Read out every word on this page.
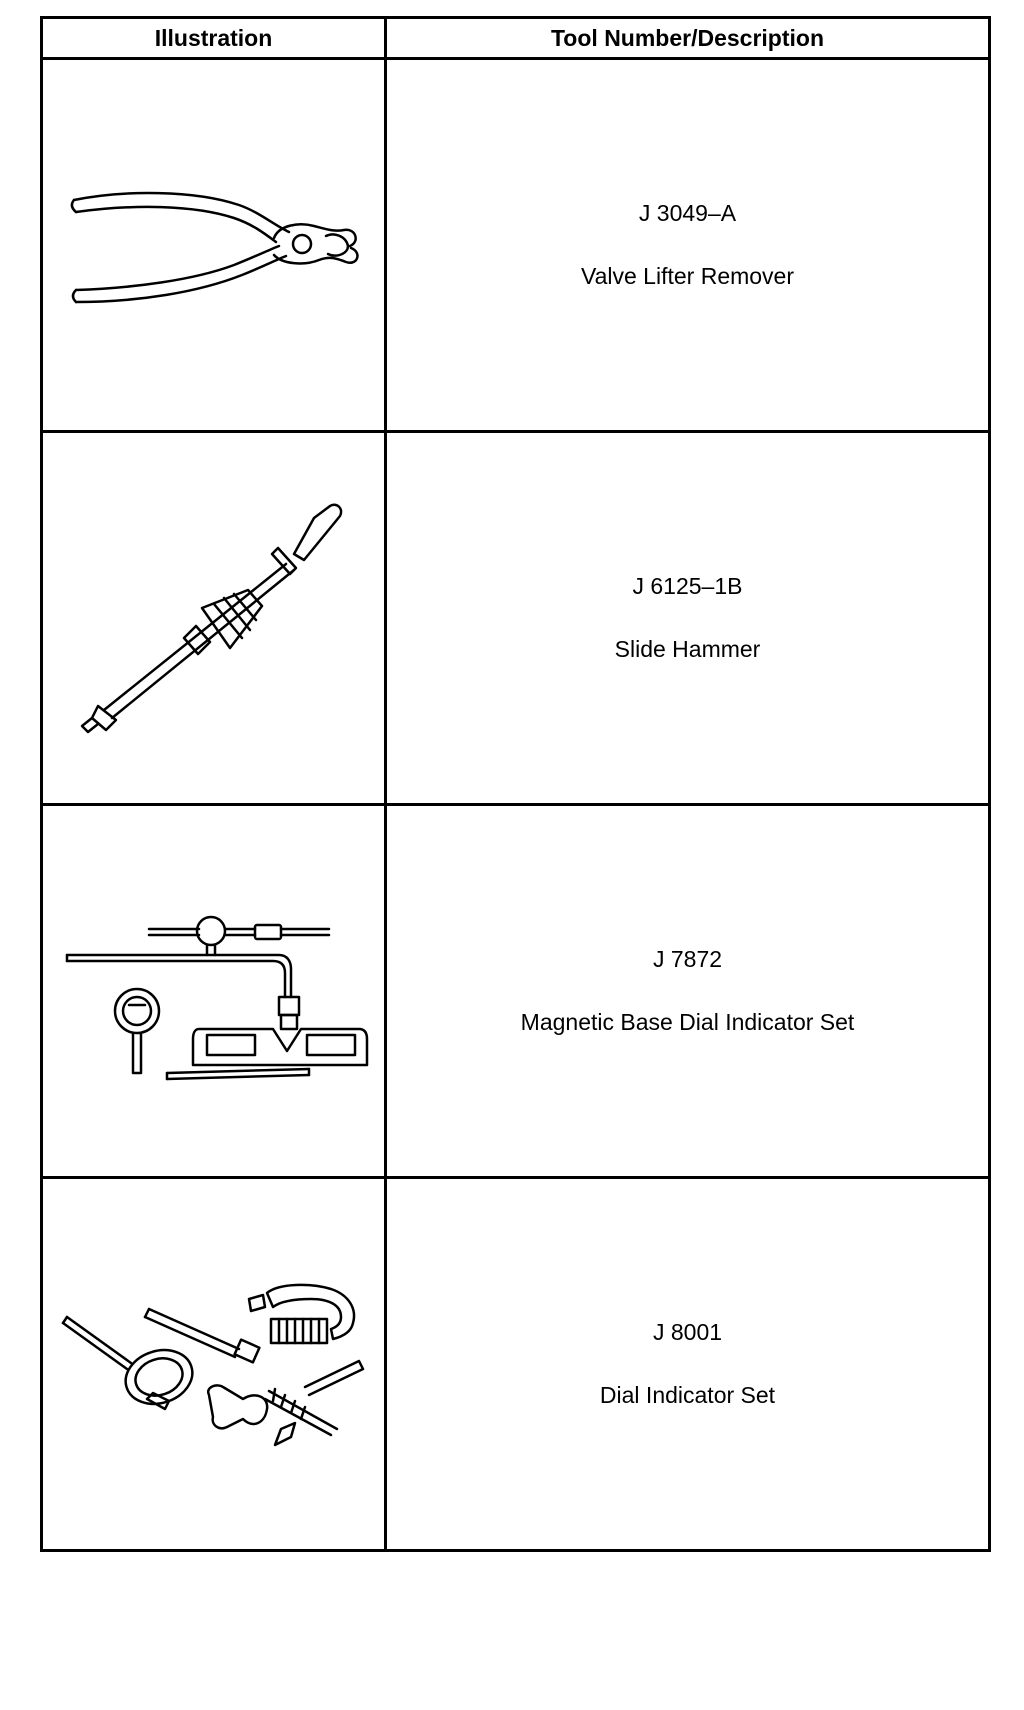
Illustration	Tool Number/Description

J 3049–A
Valve Lifter Remover

J 6125–1B
Slide Hammer

J 7872
Magnetic Base Dial Indicator Set

J 8001
Dial Indicator Set
